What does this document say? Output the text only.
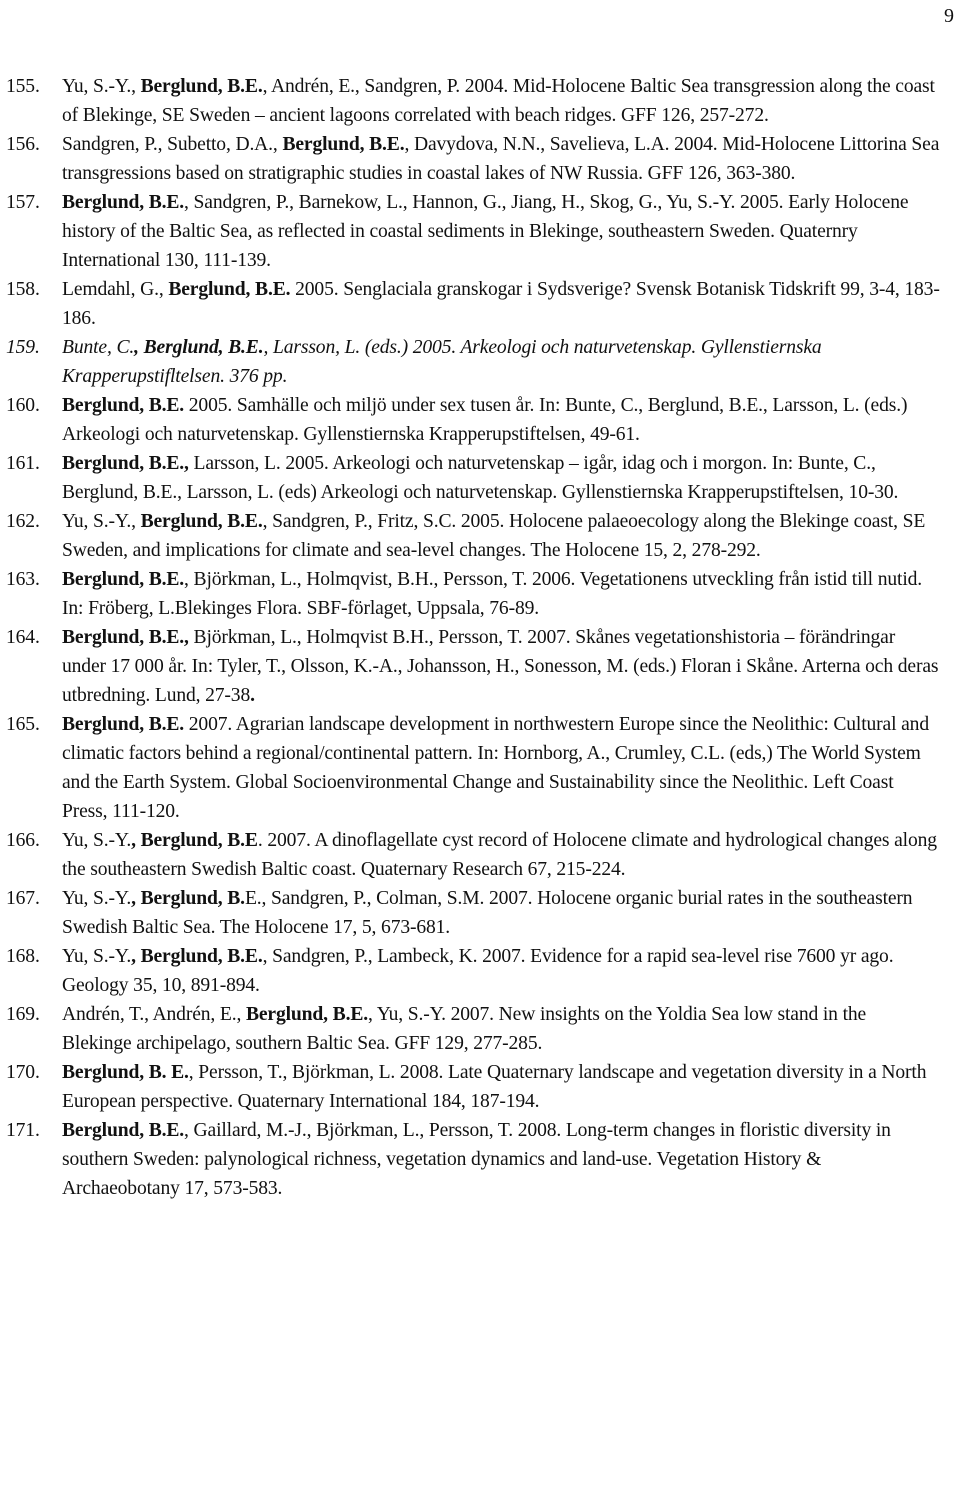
9
155. Yu, S.-Y., Berglund, B.E., Andrén, E., Sandgren, P. 2004. Mid-Holocene Baltic Sea transgression along the coast of Blekinge, SE Sweden – ancient lagoons correlated with beach ridges. GFF 126, 257-272.
156. Sandgren, P., Subetto, D.A., Berglund, B.E., Davydova, N.N., Savelieva, L.A. 2004. Mid-Holocene Littorina Sea transgressions based on stratigraphic studies in coastal lakes of NW Russia. GFF 126, 363-380.
157. Berglund, B.E., Sandgren, P., Barnekow, L., Hannon, G., Jiang, H., Skog, G., Yu, S.-Y. 2005. Early Holocene history of the Baltic Sea, as reflected in coastal sediments in Blekinge, southeastern Sweden. Quaternry International 130, 111-139.
158. Lemdahl, G., Berglund, B.E. 2005. Senglaciala granskogar i Sydsverige? Svensk Botanisk Tidskrift 99, 3-4, 183-186.
159. Bunte, C., Berglund, B.E., Larsson, L. (eds.) 2005. Arkeologi och naturvetenskap. Gyllenstiernska Krapperupstifltelsen. 376 pp.
160. Berglund, B.E. 2005. Samhälle och miljö under sex tusen år. In: Bunte, C., Berglund, B.E., Larsson, L. (eds.) Arkeologi och naturvetenskap. Gyllenstiernska Krapperupstiftelsen, 49-61.
161. Berglund, B.E., Larsson, L. 2005. Arkeologi och naturvetenskap – igår, idag och i morgon. In: Bunte, C., Berglund, B.E., Larsson, L. (eds) Arkeologi och naturvetenskap. Gyllenstiernska Krapperupstiftelsen, 10-30.
162. Yu, S.-Y., Berglund, B.E., Sandgren, P., Fritz, S.C. 2005. Holocene palaeoecology along the Blekinge coast, SE Sweden, and implications for climate and sea-level changes. The Holocene 15, 2, 278-292.
163. Berglund, B.E., Björkman, L., Holmqvist, B.H., Persson, T. 2006. Vegetationens utveckling från istid till nutid. In: Fröberg, L.Blekinges Flora. SBF-förlaget, Uppsala, 76-89.
164. Berglund, B.E., Björkman, L., Holmqvist B.H., Persson, T. 2007. Skånes vegetationshistoria – förändringar under 17 000 år. In: Tyler, T., Olsson, K.-A., Johansson, H., Sonesson, M. (eds.) Floran i Skåne. Arterna och deras utbredning. Lund, 27-38.
165. Berglund, B.E. 2007. Agrarian landscape development in northwestern Europe since the Neolithic: Cultural and climatic factors behind a regional/continental pattern. In: Hornborg, A., Crumley, C.L. (eds,) The World System and the Earth System. Global Socioenvironmental Change and Sustainability since the Neolithic. Left Coast Press, 111-120.
166. Yu, S.-Y., Berglund, B.E. 2007. A dinoflagellate cyst record of Holocene climate and hydrological changes along the southeastern Swedish Baltic coast. Quaternary Research 67, 215-224.
167. Yu, S.-Y., Berglund, B.E., Sandgren, P., Colman, S.M. 2007. Holocene organic burial rates in the southeastern Swedish Baltic Sea. The Holocene 17, 5, 673-681.
168. Yu, S.-Y., Berglund, B.E., Sandgren, P., Lambeck, K. 2007. Evidence for a rapid sea-level rise 7600 yr ago. Geology 35, 10, 891-894.
169. Andrén, T., Andrén, E., Berglund, B.E., Yu, S.-Y. 2007. New insights on the Yoldia Sea low stand in the Blekinge archipelago, southern Baltic Sea. GFF 129, 277-285.
170. Berglund, B. E., Persson, T., Björkman, L. 2008. Late Quaternary landscape and vegetation diversity in a North European perspective. Quaternary International 184, 187-194.
171. Berglund, B.E., Gaillard, M.-J., Björkman, L., Persson, T. 2008. Long-term changes in floristic diversity in southern Sweden: palynological richness, vegetation dynamics and land-use. Vegetation History & Archaeobotany 17, 573-583.
